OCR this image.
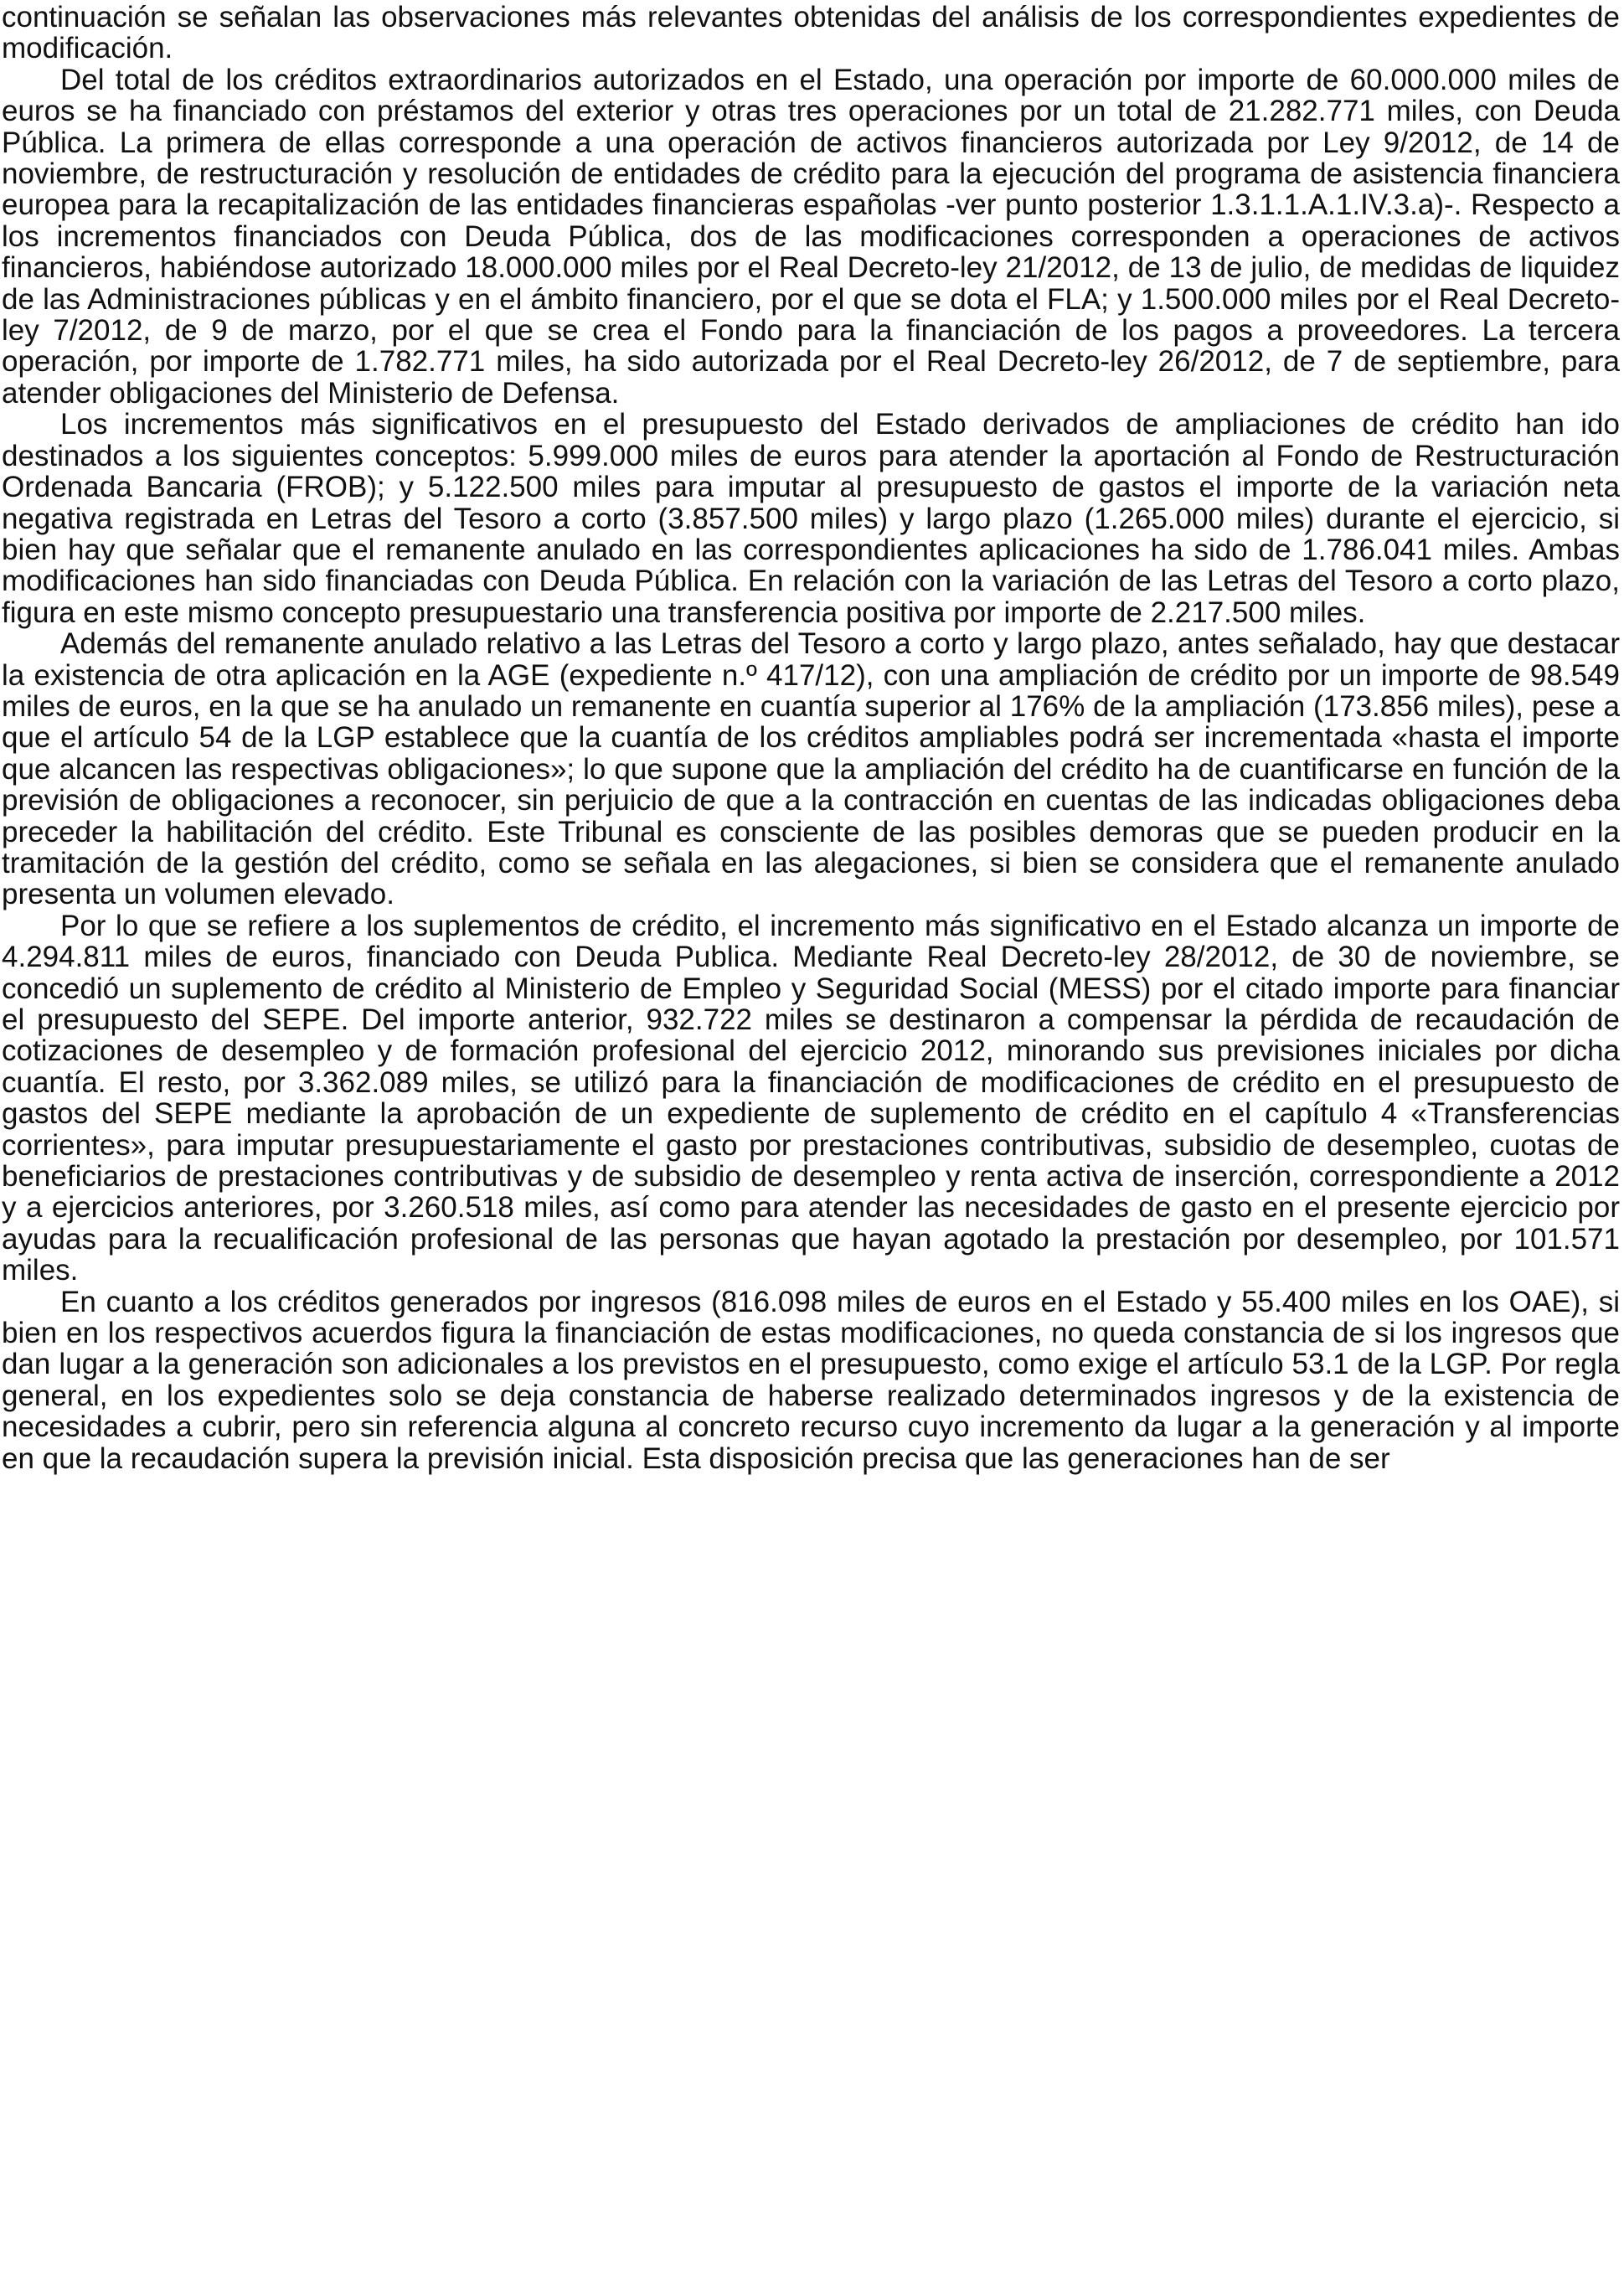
continuación se señalan las observaciones más relevantes obtenidas del análisis de los correspondientes expedientes de modificación.

Del total de los créditos extraordinarios autorizados en el Estado, una operación por importe de 60.000.000 miles de euros se ha financiado con préstamos del exterior y otras tres operaciones por un total de 21.282.771 miles, con Deuda Pública. La primera de ellas corresponde a una operación de activos financieros autorizada por Ley 9/2012, de 14 de noviembre, de restructuración y resolución de entidades de crédito para la ejecución del programa de asistencia financiera europea para la recapitalización de las entidades financieras españolas -ver punto posterior 1.3.1.1.A.1.IV.3.a)-. Respecto a los incrementos financiados con Deuda Pública, dos de las modificaciones corresponden a operaciones de activos financieros, habiéndose autorizado 18.000.000 miles por el Real Decreto-ley 21/2012, de 13 de julio, de medidas de liquidez de las Administraciones públicas y en el ámbito financiero, por el que se dota el FLA; y 1.500.000 miles por el Real Decreto-ley 7/2012, de 9 de marzo, por el que se crea el Fondo para la financiación de los pagos a proveedores. La tercera operación, por importe de 1.782.771 miles, ha sido autorizada por el Real Decreto-ley 26/2012, de 7 de septiembre, para atender obligaciones del Ministerio de Defensa.

Los incrementos más significativos en el presupuesto del Estado derivados de ampliaciones de crédito han ido destinados a los siguientes conceptos: 5.999.000 miles de euros para atender la aportación al Fondo de Restructuración Ordenada Bancaria (FROB); y 5.122.500 miles para imputar al presupuesto de gastos el importe de la variación neta negativa registrada en Letras del Tesoro a corto (3.857.500 miles) y largo plazo (1.265.000 miles) durante el ejercicio, si bien hay que señalar que el remanente anulado en las correspondientes aplicaciones ha sido de 1.786.041 miles. Ambas modificaciones han sido financiadas con Deuda Pública. En relación con la variación de las Letras del Tesoro a corto plazo, figura en este mismo concepto presupuestario una transferencia positiva por importe de 2.217.500 miles.

Además del remanente anulado relativo a las Letras del Tesoro a corto y largo plazo, antes señalado, hay que destacar la existencia de otra aplicación en la AGE (expediente n.º 417/12), con una ampliación de crédito por un importe de 98.549 miles de euros, en la que se ha anulado un remanente en cuantía superior al 176% de la ampliación (173.856 miles), pese a que el artículo 54 de la LGP establece que la cuantía de los créditos ampliables podrá ser incrementada «hasta el importe que alcancen las respectivas obligaciones»; lo que supone que la ampliación del crédito ha de cuantificarse en función de la previsión de obligaciones a reconocer, sin perjuicio de que a la contracción en cuentas de las indicadas obligaciones deba preceder la habilitación del crédito. Este Tribunal es consciente de las posibles demoras que se pueden producir en la tramitación de la gestión del crédito, como se señala en las alegaciones, si bien se considera que el remanente anulado presenta un volumen elevado.

Por lo que se refiere a los suplementos de crédito, el incremento más significativo en el Estado alcanza un importe de 4.294.811 miles de euros, financiado con Deuda Publica. Mediante Real Decreto-ley 28/2012, de 30 de noviembre, se concedió un suplemento de crédito al Ministerio de Empleo y Seguridad Social (MESS) por el citado importe para financiar el presupuesto del SEPE. Del importe anterior, 932.722 miles se destinaron a compensar la pérdida de recaudación de cotizaciones de desempleo y de formación profesional del ejercicio 2012, minorando sus previsiones iniciales por dicha cuantía. El resto, por 3.362.089 miles, se utilizó para la financiación de modificaciones de crédito en el presupuesto de gastos del SEPE mediante la aprobación de un expediente de suplemento de crédito en el capítulo 4 «Transferencias corrientes», para imputar presupuestariamente el gasto por prestaciones contributivas, subsidio de desempleo, cuotas de beneficiarios de prestaciones contributivas y de subsidio de desempleo y renta activa de inserción, correspondiente a 2012 y a ejercicios anteriores, por 3.260.518 miles, así como para atender las necesidades de gasto en el presente ejercicio por ayudas para la recualificación profesional de las personas que hayan agotado la prestación por desempleo, por 101.571 miles.

En cuanto a los créditos generados por ingresos (816.098 miles de euros en el Estado y 55.400 miles en los OAE), si bien en los respectivos acuerdos figura la financiación de estas modificaciones, no queda constancia de si los ingresos que dan lugar a la generación son adicionales a los previstos en el presupuesto, como exige el artículo 53.1 de la LGP. Por regla general, en los expedientes solo se deja constancia de haberse realizado determinados ingresos y de la existencia de necesidades a cubrir, pero sin referencia alguna al concreto recurso cuyo incremento da lugar a la generación y al importe en que la recaudación supera la previsión inicial. Esta disposición precisa que las generaciones han de ser
